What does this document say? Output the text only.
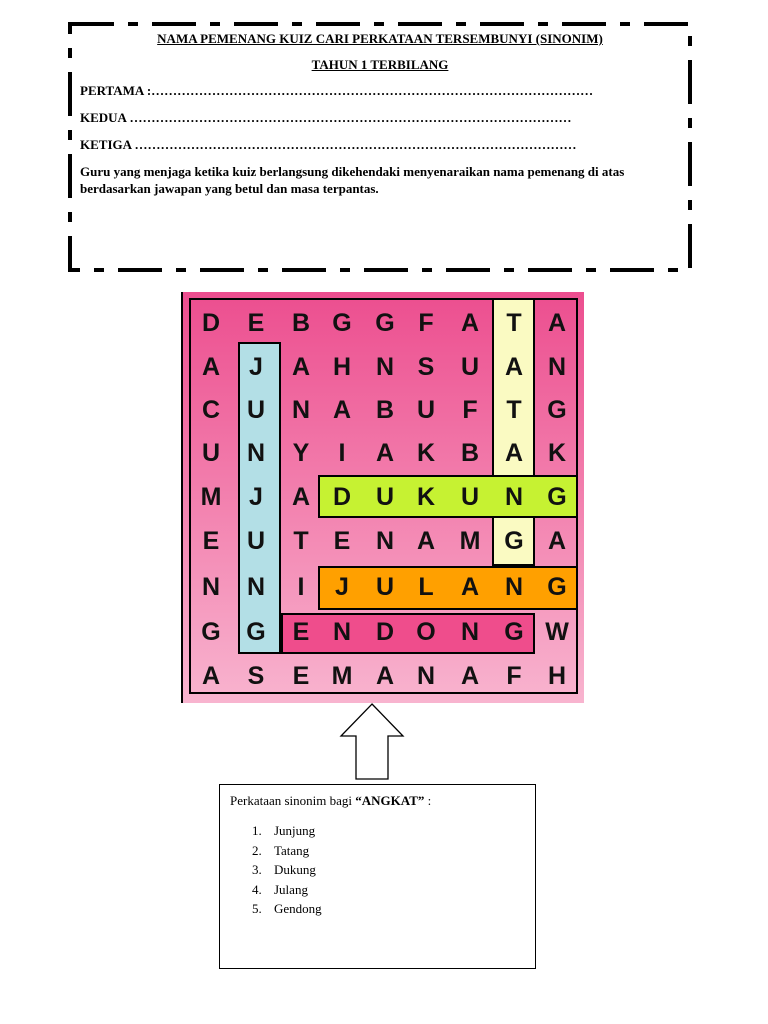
NAMA PEMENANG KUIZ CARI PERKATAAN TERSEMBUNYI (SINONIM)
TAHUN 1 TERBILANG
PERTAMA :…………………………………………………………………………………………
KEDUA …………………………………………………………………………………………
KETIGA …………………………………………………………………………………………
Guru yang menjaga ketika kuiz berlangsung dikehendaki menyenaraikan nama pemenang di atas berdasarkan jawapan yang betul dan masa terpantas.
D	E	B G G F	A	T	A
A	J	A H N S	U	A N
C	U	N A B U	F	T	G
U	N	Y	I	A K	B	A K
M	J	A D U K	U	N G
E	U	T	E	N A M G A
N	N	I	J	U L	A	N G
G	G	E N D O	N	G W
A	S	E M A N	A	F	H
Perkataan sinonim bagi “ANGKAT” :
1. Junjung
2. Tatang
3. Dukung
4. Julang
5. Gendong
